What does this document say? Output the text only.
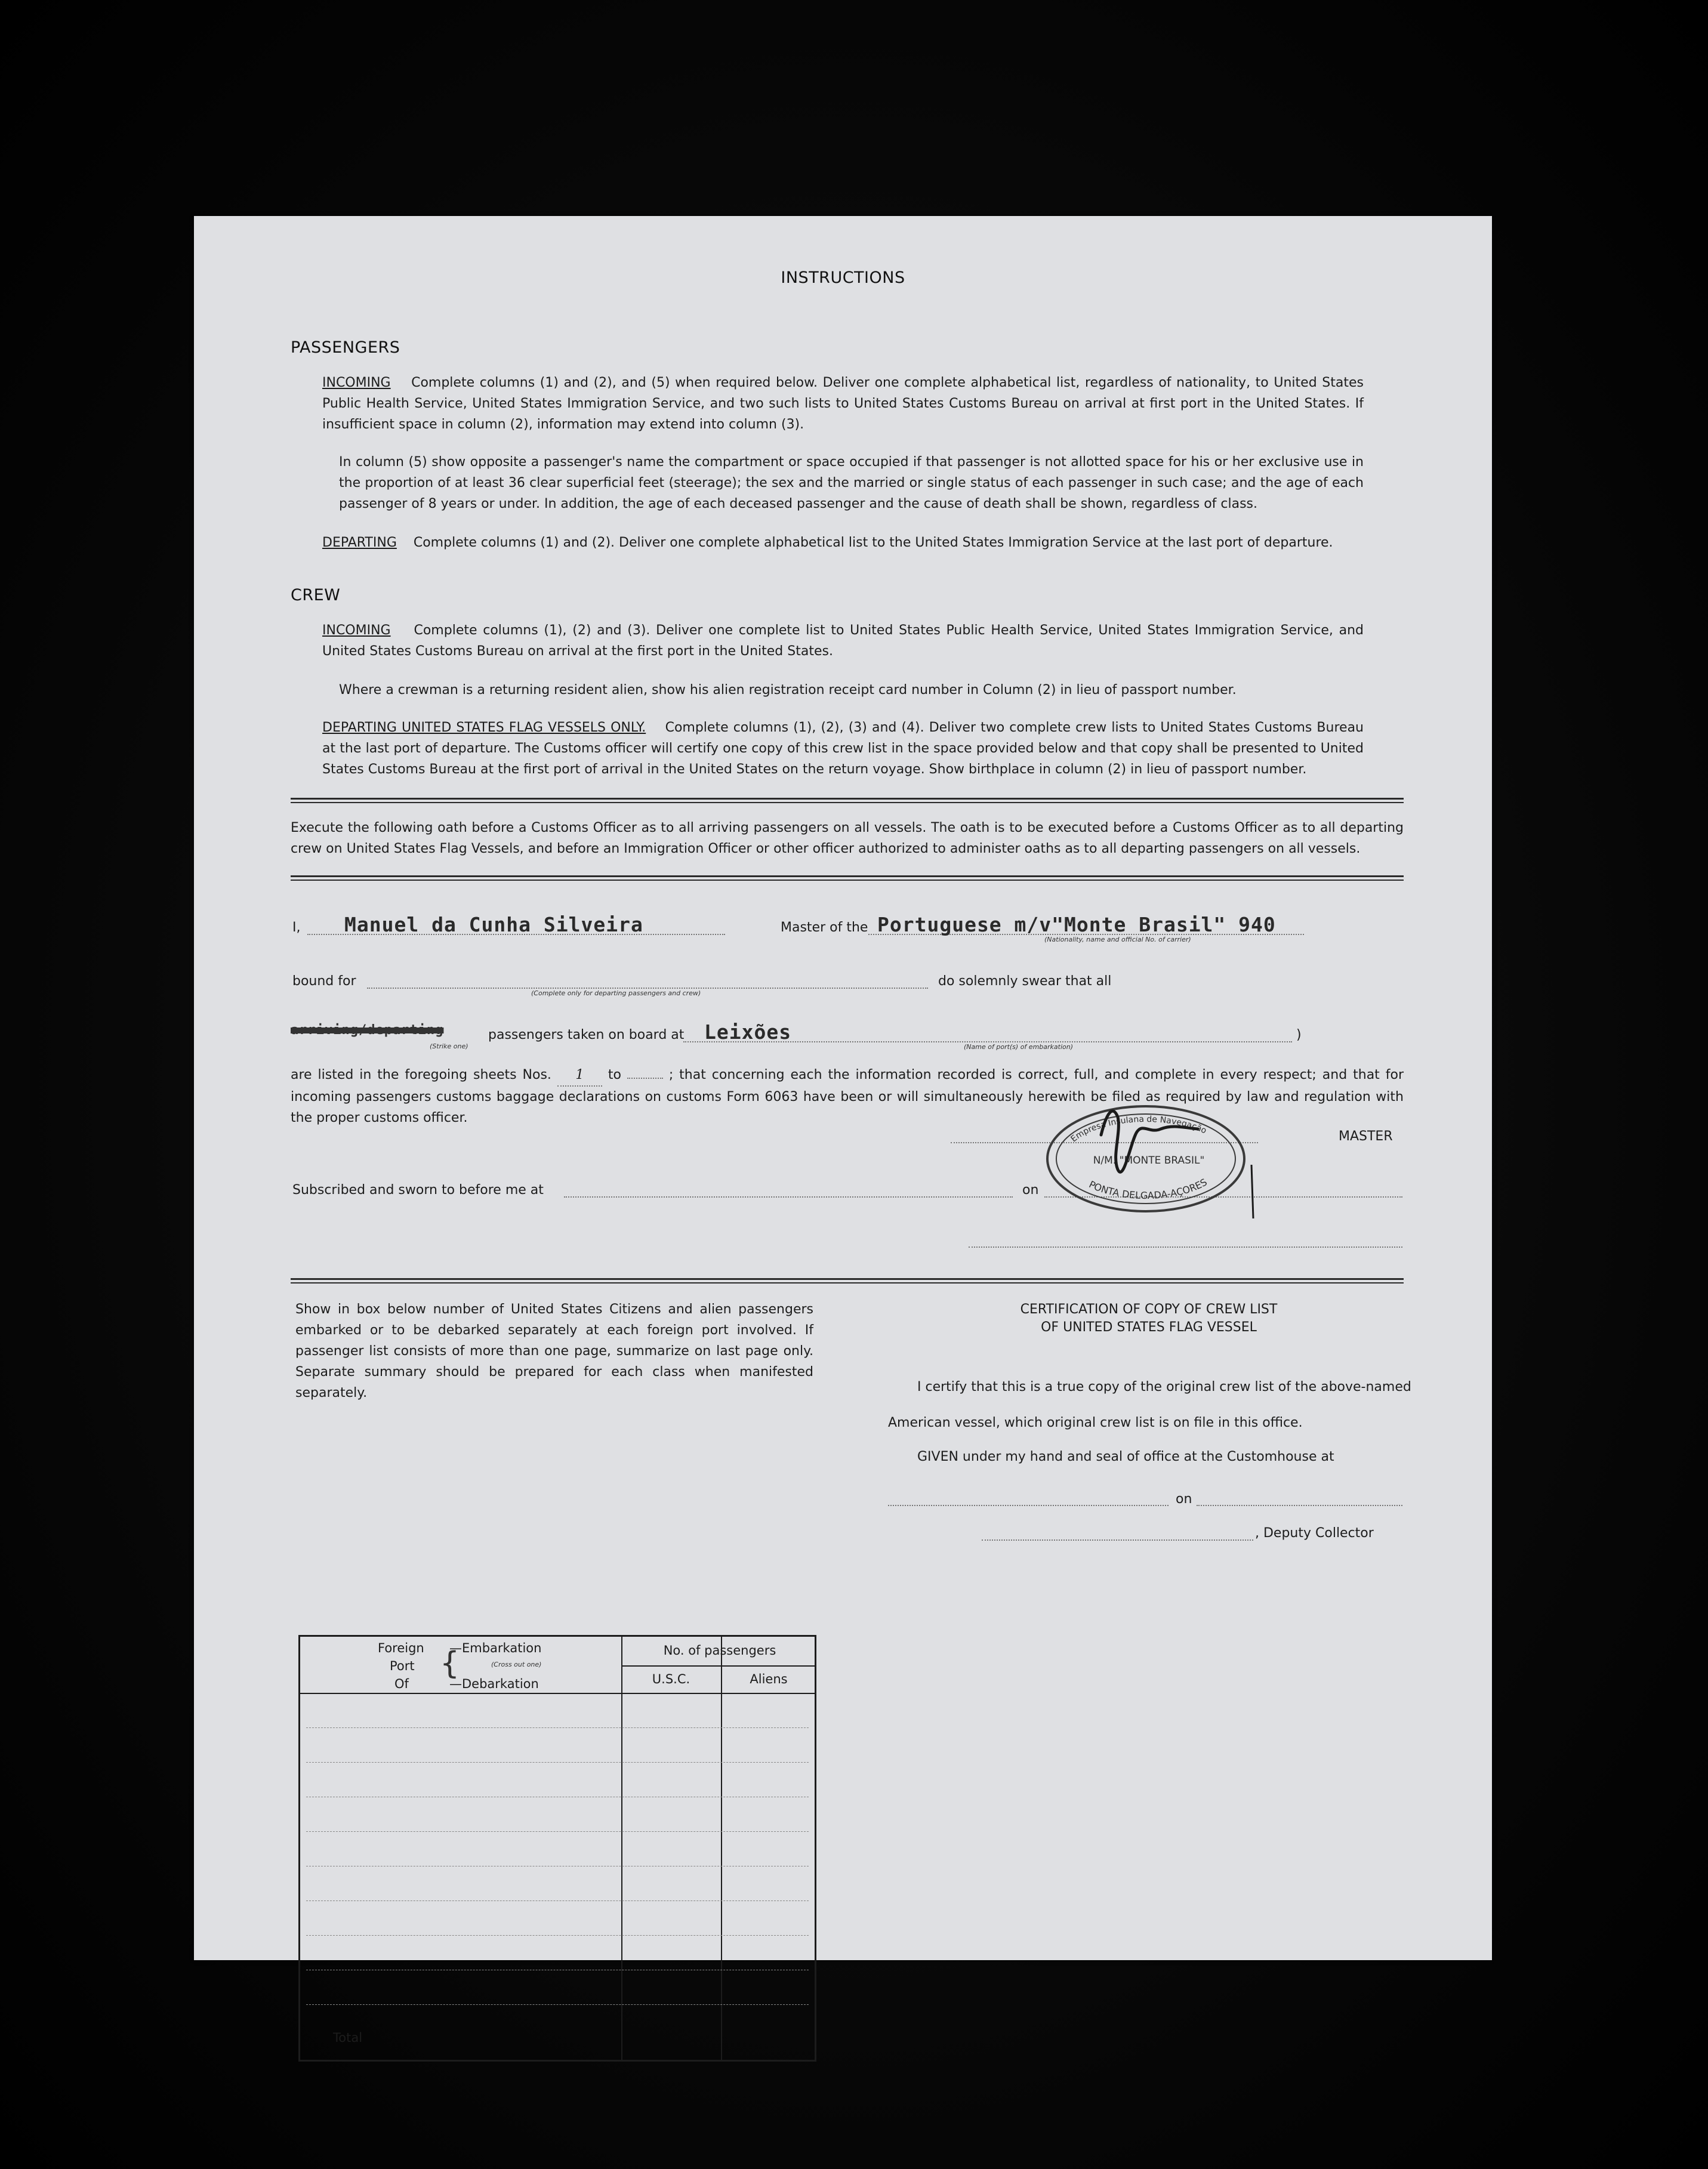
INSTRUCTIONS
PASSENGERS
INCOMING Complete columns (1) and (2), and (5) when required below. Deliver one complete alphabetical list, regardless of nationality, to United States Public Health Service, United States Immigration Service, and two such lists to United States Customs Bureau on arrival at first port in the United States. If insufficient space in column (2), information may extend into column (3).
In column (5) show opposite a passenger's name the compartment or space occupied if that passenger is not allotted space for his or her exclusive use in the proportion of at least 36 clear superficial feet (steerage); the sex and the married or single status of each passenger in such case; and the age of each passenger of 8 years or under. In addition, the age of each deceased passenger and the cause of death shall be shown, regardless of class.
DEPARTING Complete columns (1) and (2). Deliver one complete alphabetical list to the United States Immigration Service at the last port of departure.
CREW
INCOMING Complete columns (1), (2) and (3). Deliver one complete list to United States Public Health Service, United States Immigration Service, and United States Customs Bureau on arrival at the first port in the United States.
Where a crewman is a returning resident alien, show his alien registration receipt card number in Column (2) in lieu of passport number.
DEPARTING UNITED STATES FLAG VESSELS ONLY. Complete columns (1), (2), (3) and (4). Deliver two complete crew lists to United States Customs Bureau at the last port of departure. The Customs officer will certify one copy of this crew list in the space provided below and that copy shall be presented to United States Customs Bureau at the first port of arrival in the United States on the return voyage. Show birthplace in column (2) in lieu of passport number.
Execute the following oath before a Customs Officer as to all arriving passengers on all vessels. The oath is to be executed before a Customs Officer as to all departing crew on United States Flag Vessels, and before an Immigration Officer or other officer authorized to administer oaths as to all departing passengers on all vessels.
I, Manuel da Cunha Silveira	Master of the Portuguese m/v"Monte Brasil" 940
(Nationality, name and official No. of carrier)
bound for
(Complete only for departing passengers and crew)
do solemnly swear that all
arriving/departing
(Strike one)
passengers taken on board at Leixões
(Name of port(s) of embarkation)
)
are listed in the foregoing sheets Nos. 1 to	; that concerning each the information recorded is correct, full, and complete in every respect; and that for incoming passengers customs baggage declarations on customs Form 6063 have been or will simultaneously herewith be filed as required by law and regulation with the proper customs officer.
MASTER
Subscribed and sworn to before me at	on
Empresa Insulana de Navegação
N/M. "MONTE BRASIL"
PONTA DELGADA-AÇORES
Show in box below number of United States Citizens and alien passengers embarked or to be debarked separately at each foreign port involved. If passenger list consists of more than one page, summarize on last page only. Separate summary should be prepared for each class when manifested separately.
Foreign
Port
Of
{
—Embarkation
(Cross out one)
—Debarkation
No. of passengers
U.S.C.	Aliens
Total
CERTIFICATION OF COPY OF CREW LIST
OF UNITED STATES FLAG VESSEL
I certify that this is a true copy of the original crew list of the above-named
American vessel, which original crew list is on file in this office.
GIVEN under my hand and seal of office at the Customhouse at
on
, Deputy Collector
